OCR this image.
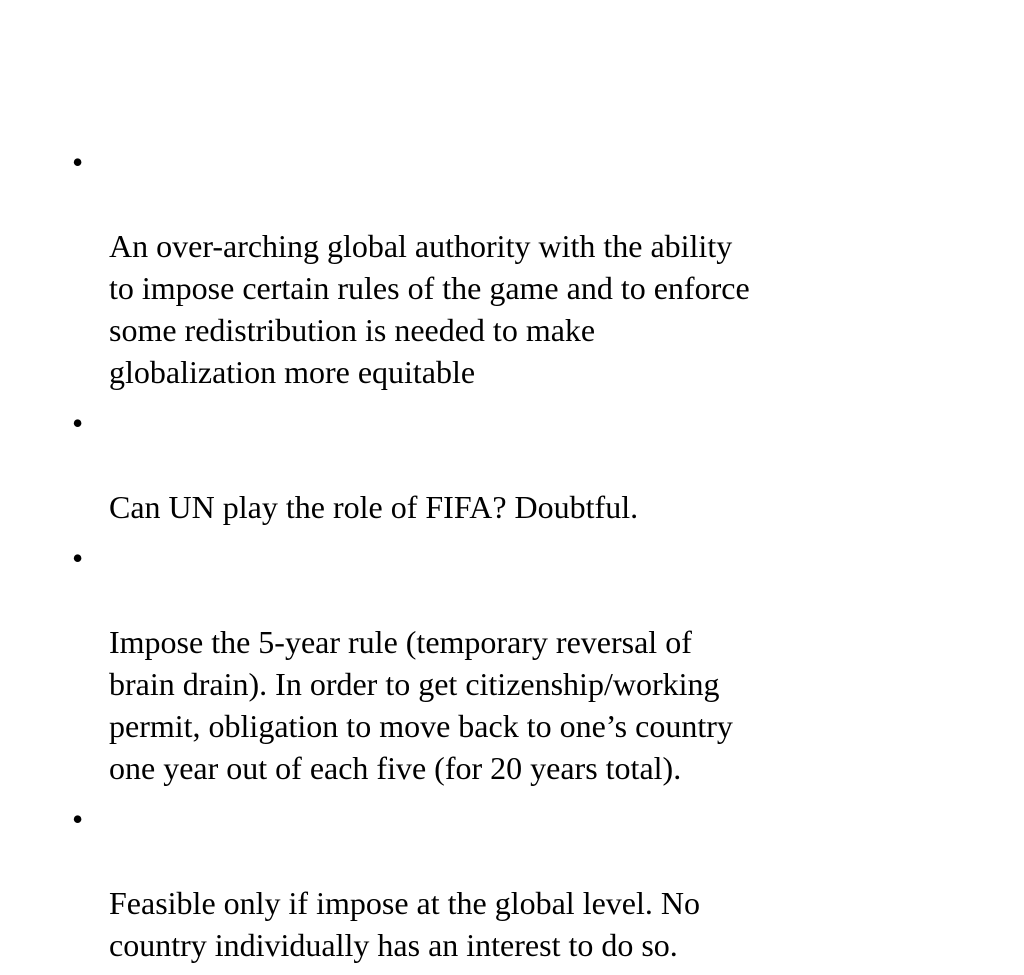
•

An over-arching global authority with the ability
to impose certain rules of the game and to enforce
some redistribution is needed to make
globalization more equitable

•

Can UN play the role of FIFA? Doubtful.

•

Impose the 5-year rule (temporary reversal of
brain drain). In order to get citizenship/working
permit, obligation to move back to one’s country
one year out of each five (for 20 years total).

•

Feasible only if impose at the global level. No
country individually has an interest to do so.
